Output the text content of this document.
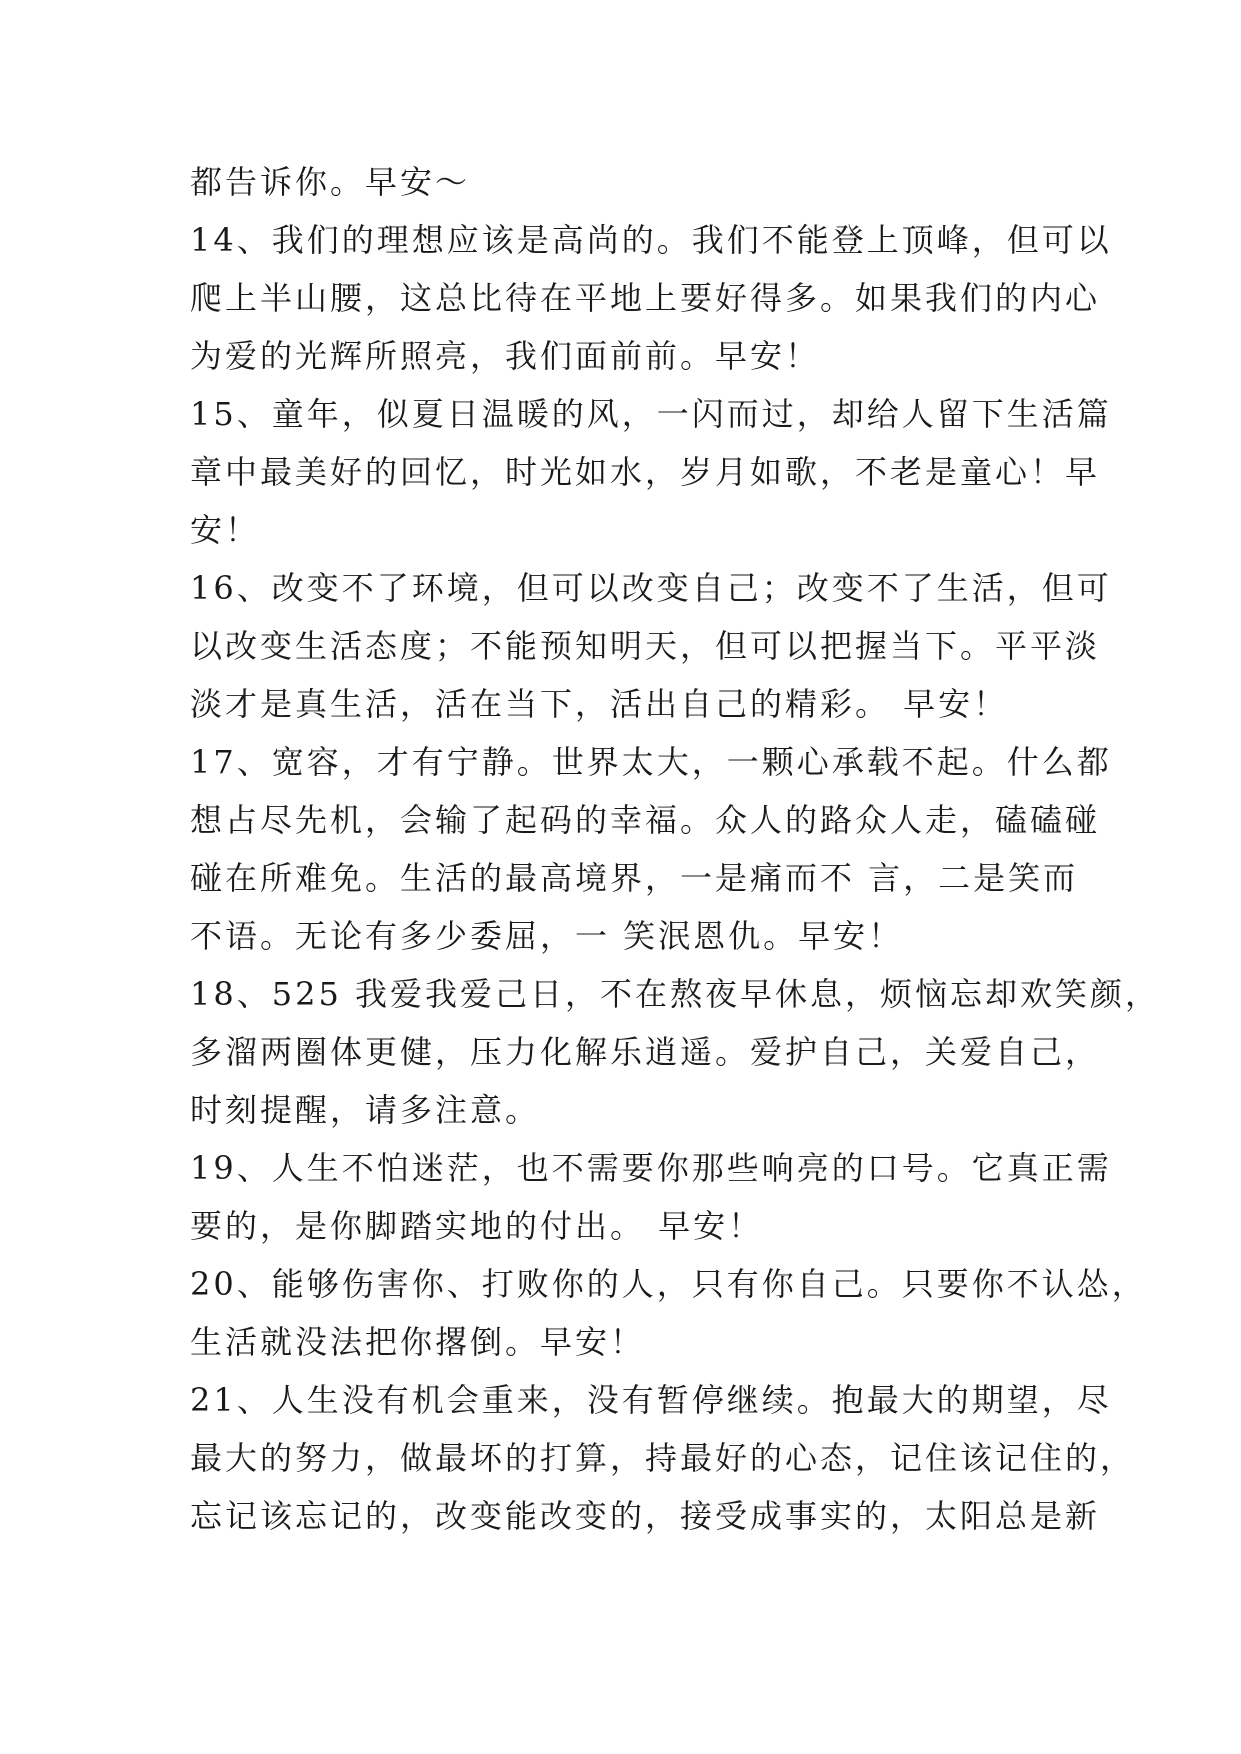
都告诉你。早安～
14、我们的理想应该是高尚的。我们不能登上顶峰，但可以
爬上半山腰，这总比待在平地上要好得多。如果我们的内心
为爱的光辉所照亮，我们面前前。早安！
15、童年，似夏日温暖的风，一闪而过，却给人留下生活篇
章中最美好的回忆，时光如水，岁月如歌，不老是童心！早
安！
16、改变不了环境，但可以改变自己；改变不了生活，但可
以改变生活态度；不能预知明天，但可以把握当下。平平淡
淡才是真生活，活在当下，活出自己的精彩。 早安！
17、宽容，才有宁静。世界太大，一颗心承载不起。什么都
想占尽先机，会输了起码的幸福。众人的路众人走，磕磕碰
碰在所难免。生活的最高境界，一是痛而不 言，二是笑而
不语。无论有多少委屈，一 笑泯恩仇。早安！
18、525 我爱我爱己日，不在熬夜早休息，烦恼忘却欢笑颜，
多溜两圈体更健，压力化解乐逍遥。爱护自己，关爱自己，
时刻提醒，请多注意。
19、人生不怕迷茫，也不需要你那些响亮的口号。它真正需
要的，是你脚踏实地的付出。 早安！
20、能够伤害你、打败你的人，只有你自己。只要你不认怂，
生活就没法把你撂倒。早安！
21、人生没有机会重来，没有暂停继续。抱最大的期望，尽
最大的努力，做最坏的打算，持最好的心态，记住该记住的，
忘记该忘记的，改变能改变的，接受成事实的，太阳总是新
